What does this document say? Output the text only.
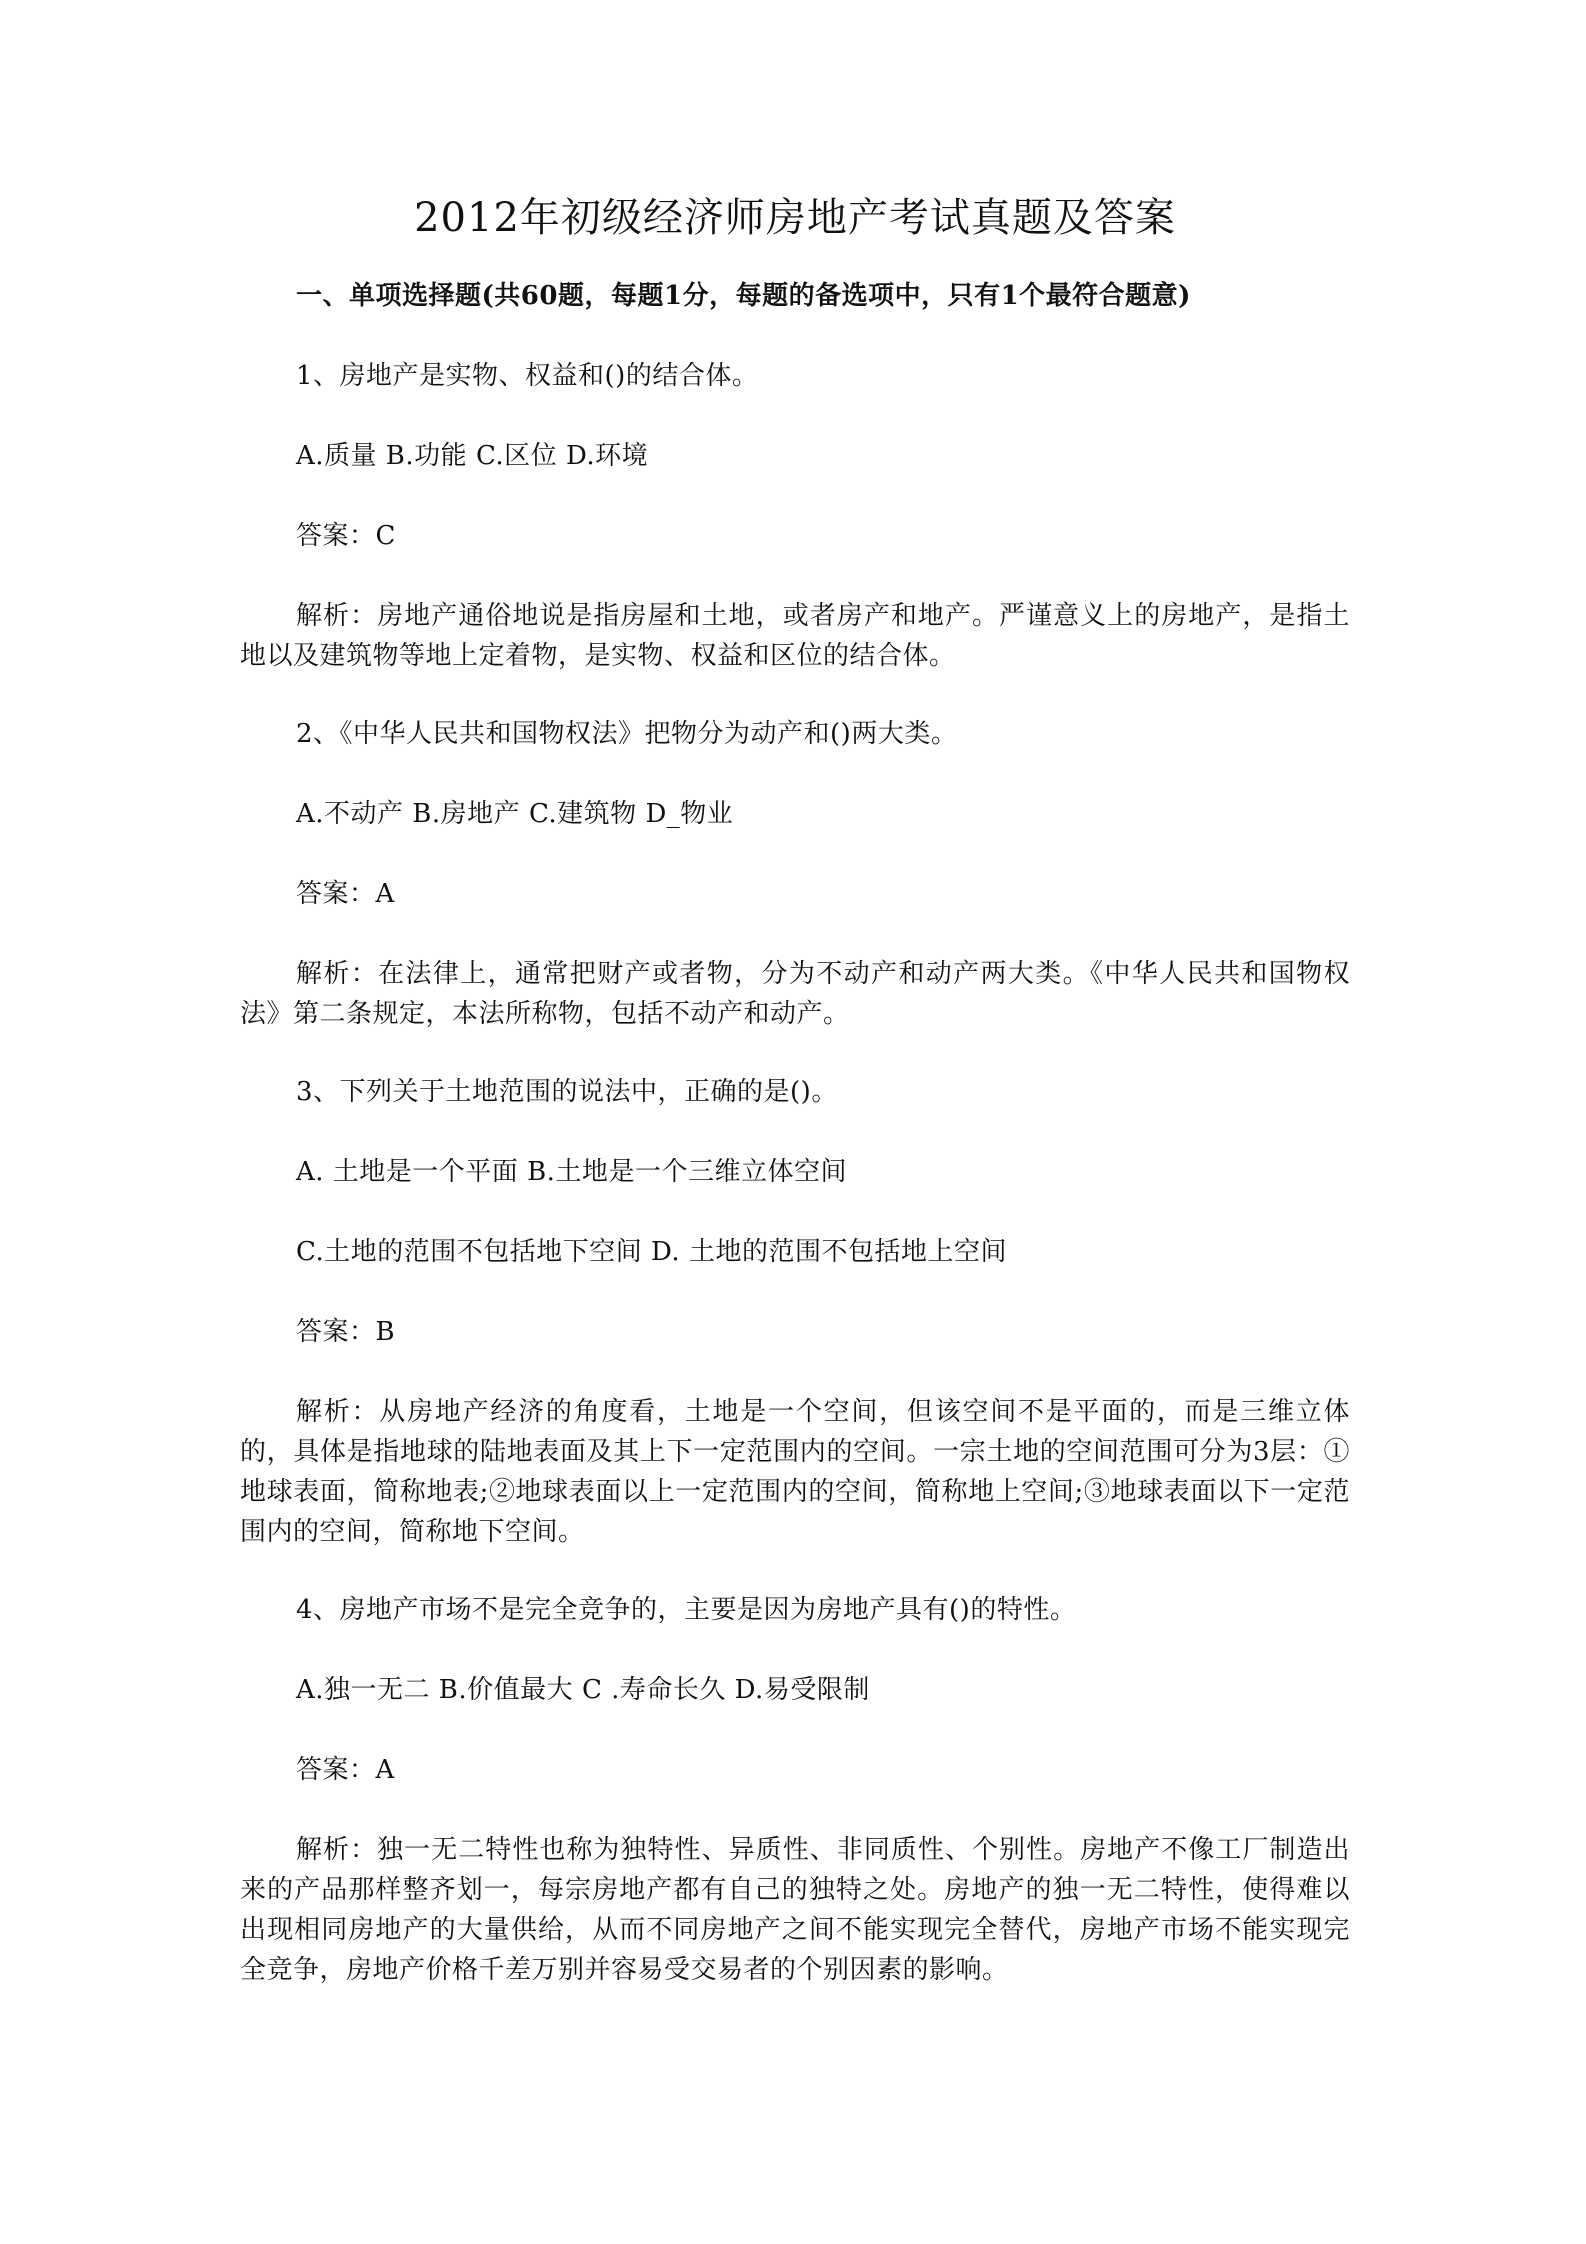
2012年初级经济师房地产考试真题及答案

一、单项选择题(共60题，每题1分，每题的备选项中，只有1个最符合题意)

1、房地产是实物、权益和()的结合体。

A.质量 B.功能 C.区位 D.环境

答案：C

解析：房地产通俗地说是指房屋和土地，或者房产和地产。严谨意义上的房地产，是指土地以及建筑物等地上定着物，是实物、权益和区位的结合体。

2、《中华人民共和国物权法》把物分为动产和()两大类。

A.不动产 B.房地产 C.建筑物 D_物业

答案：A

解析：在法律上，通常把财产或者物，分为不动产和动产两大类。《中华人民共和国物权法》第二条规定，本法所称物，包括不动产和动产。

3、下列关于土地范围的说法中，正确的是()。

A. 土地是一个平面 B.土地是一个三维立体空间

C.土地的范围不包括地下空间 D. 土地的范围不包括地上空间

答案：B

解析：从房地产经济的角度看，土地是一个空间，但该空间不是平面的，而是三维立体的，具体是指地球的陆地表面及其上下一定范围内的空间。一宗土地的空间范围可分为3层：①地球表面，简称地表;②地球表面以上一定范围内的空间，简称地上空间;③地球表面以下一定范围内的空间，简称地下空间。

4、房地产市场不是完全竞争的，主要是因为房地产具有()的特性。

A.独一无二 B.价值最大 C .寿命长久 D.易受限制

答案：A

解析：独一无二特性也称为独特性、异质性、非同质性、个别性。房地产不像工厂制造出来的产品那样整齐划一，每宗房地产都有自己的独特之处。房地产的独一无二特性，使得难以出现相同房地产的大量供给，从而不同房地产之间不能实现完全替代，房地产市场不能实现完全竞争，房地产价格千差万别并容易受交易者的个别因素的影响。
